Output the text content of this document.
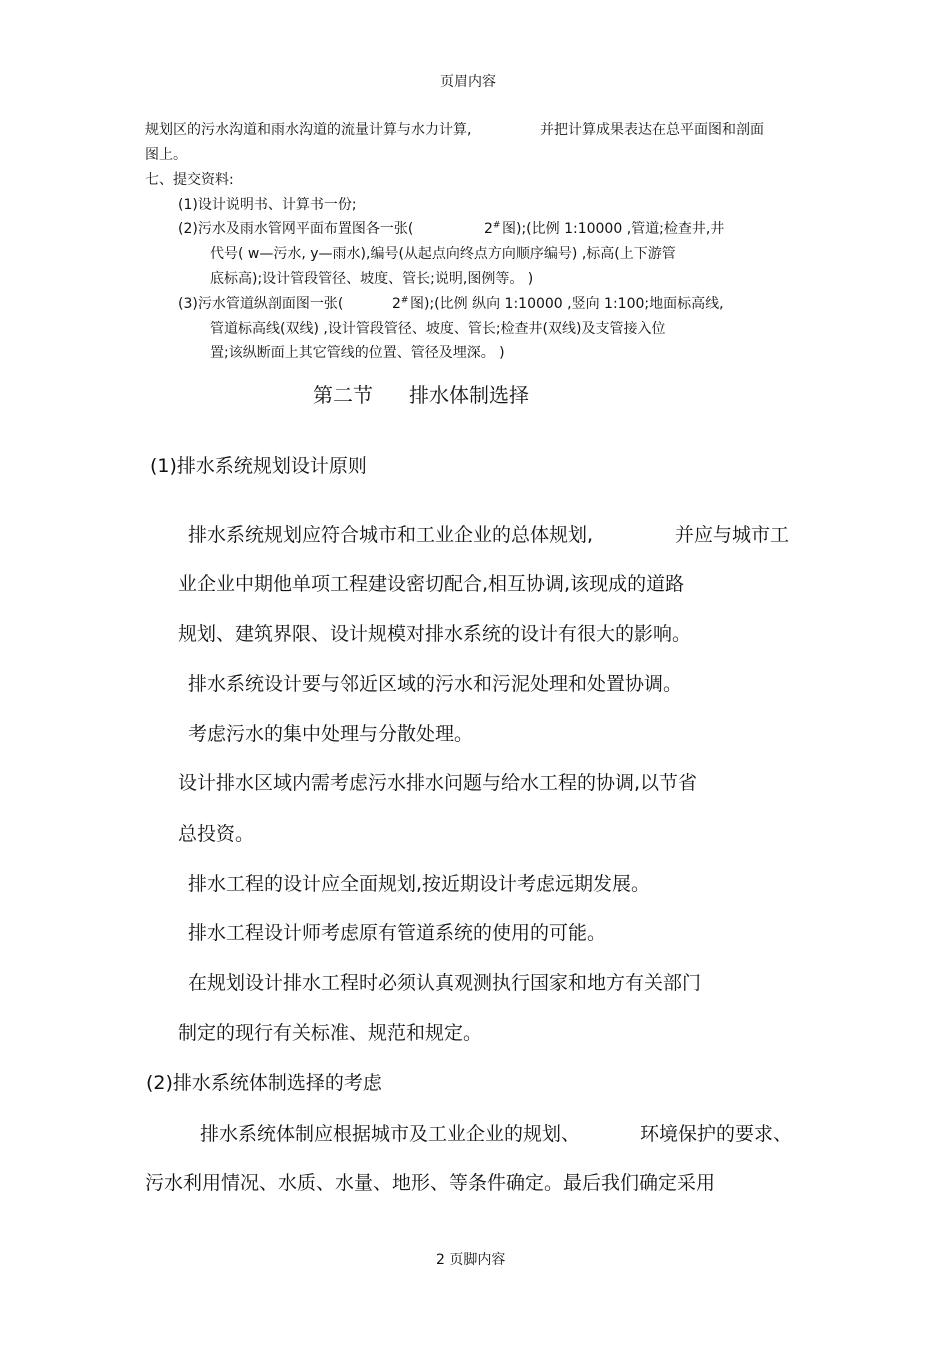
页眉内容
规划区的污水沟道和雨水沟道的流量计算与水力计算,	并把计算成果表达在总平面图和剖面
图上。
七、提交资料:
(1)设计说明书、计算书一份;
(2)污水及雨水管网平面布置图各一张(	2# 图);(比例 1:10000 ,管道;检查井,井
代号( w—污水, y—雨水),编号(从起点向终点方向顺序编号) ,标高(上下游管
底标高);设计管段管径、坡度、管长;说明,图例等。 )
(3)污水管道纵剖面图一张(	2# 图);(比例 纵向 1:10000 ,竖向 1:100;地面标高线,
管道标高线(双线) ,设计管段管径、坡度、管长;检查井(双线)及支管接入位
置;该纵断面上其它管线的位置、管径及埋深。 )
第二节 排水体制选择
(1)排水系统规划设计原则
排水系统规划应符合城市和工业企业的总体规划,	并应与城市工
业企业中期他单项工程建设密切配合,相互协调,该现成的道路
规划、建筑界限、设计规模对排水系统的设计有很大的影响。
排水系统设计要与邻近区域的污水和污泥处理和处置协调。
考虑污水的集中处理与分散处理。
设计排水区域内需考虑污水排水问题与给水工程的协调,以节省
总投资。
排水工程的设计应全面规划,按近期设计考虑远期发展。
排水工程设计师考虑原有管道系统的使用的可能。
在规划设计排水工程时必须认真观测执行国家和地方有关部门
制定的现行有关标准、规范和规定。
(2)排水系统体制选择的考虑
排水系统体制应根据城市及工业企业的规划、	环境保护的要求、
污水利用情况、水质、水量、地形、等条件确定。最后我们确定采用
2 页脚内容
